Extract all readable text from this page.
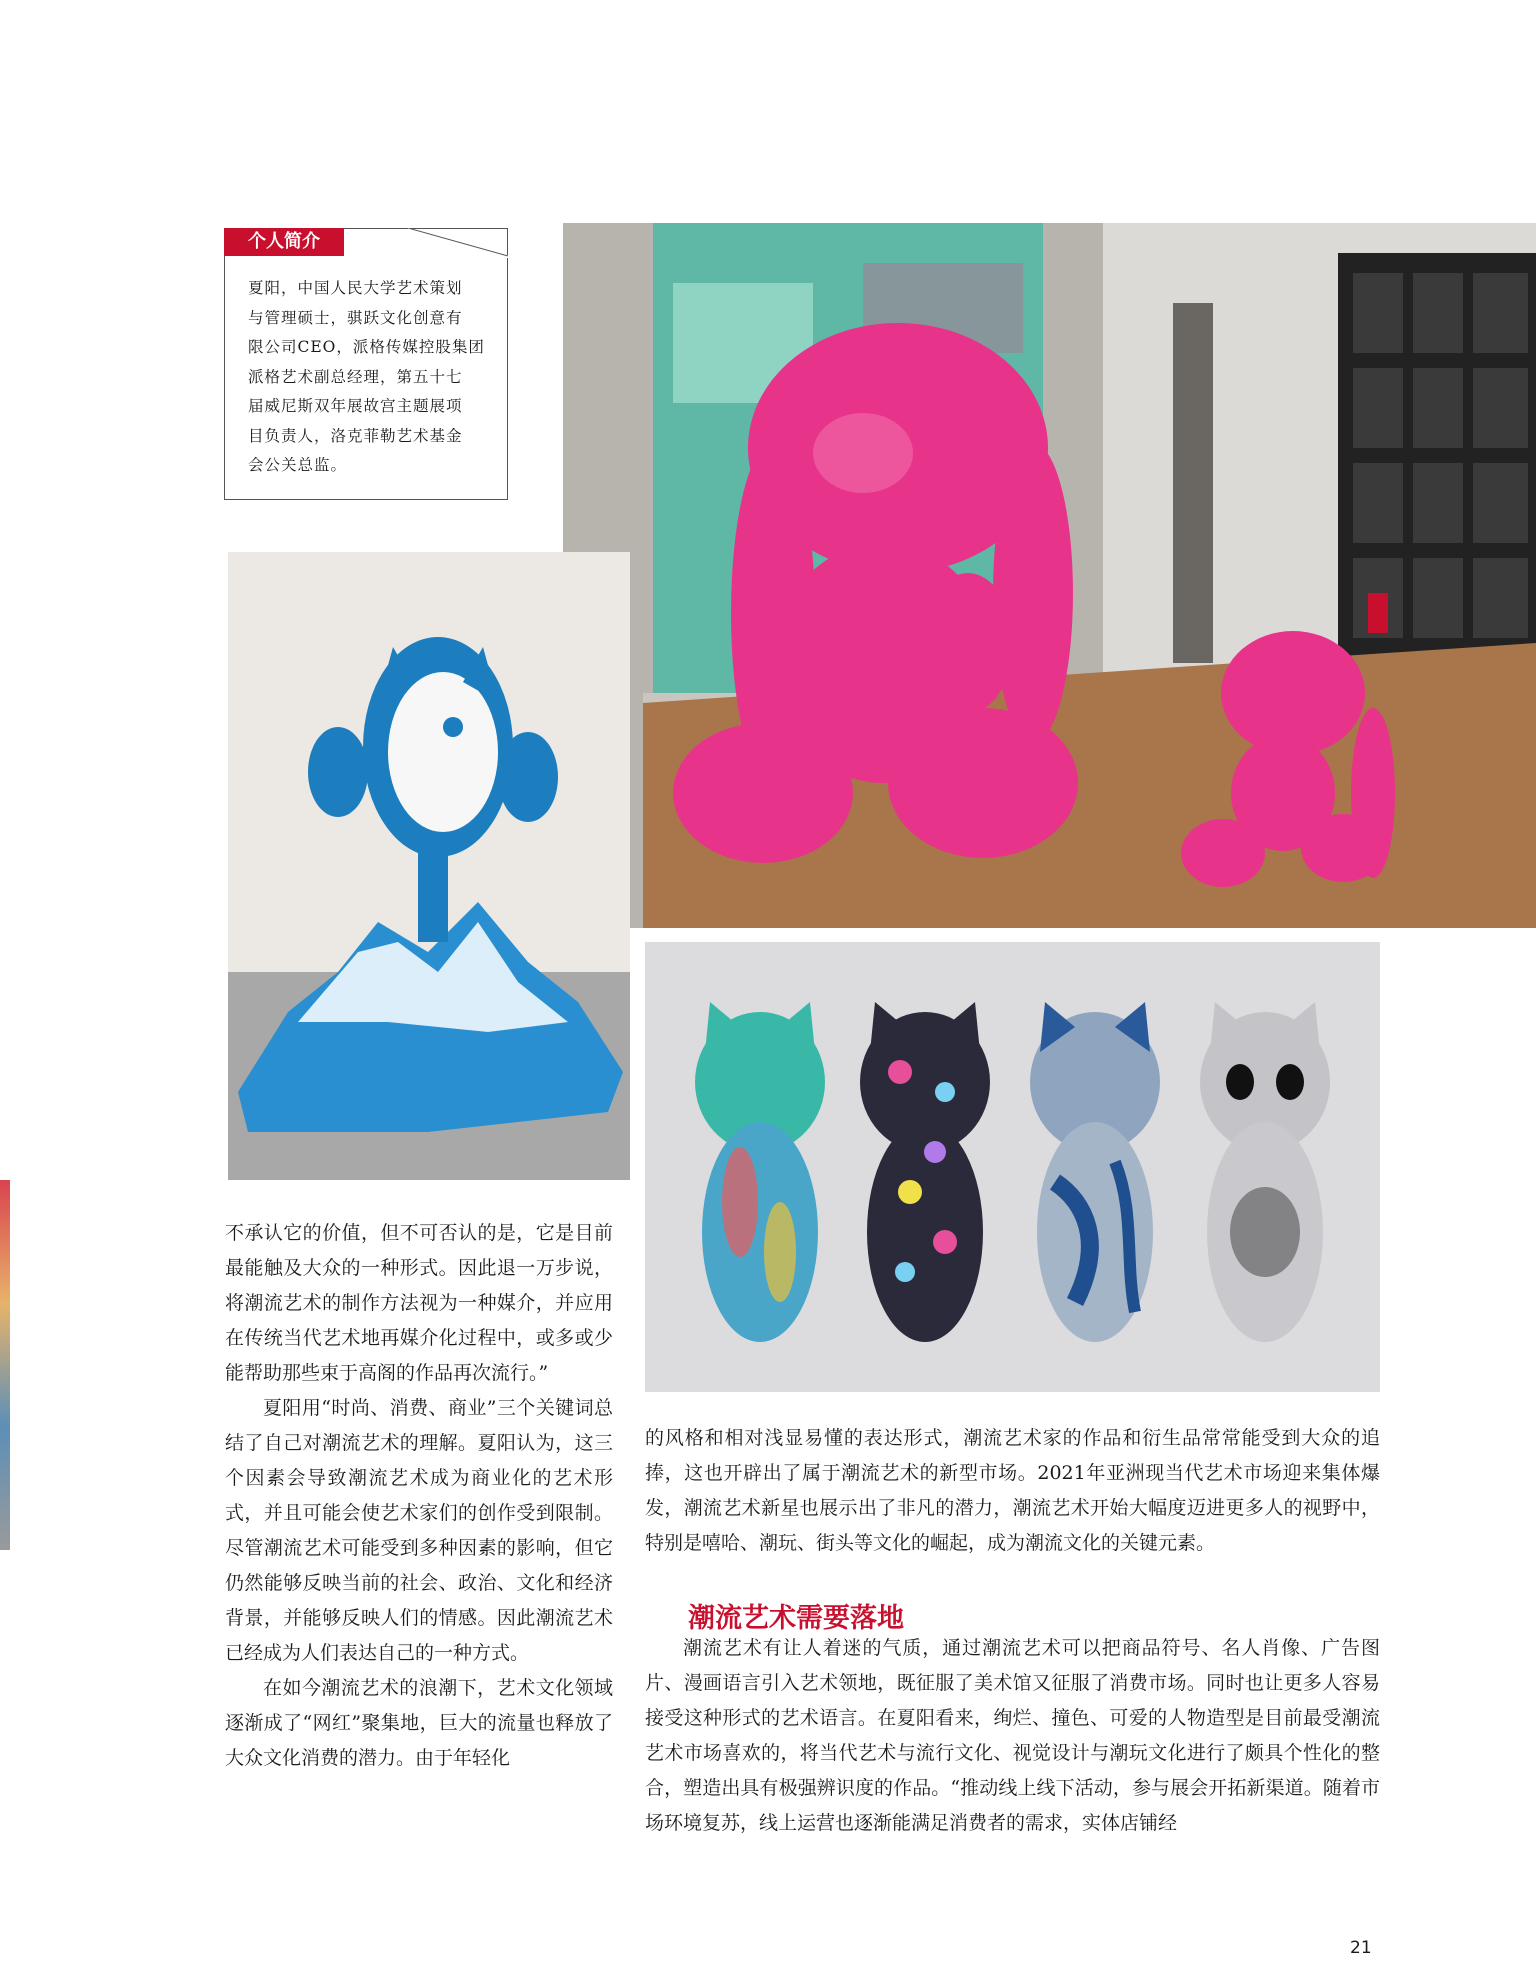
个人简介
夏阳，中国人民大学艺术策划
与管理硕士，骐跃文化创意有
限公司CEO，派格传媒控股集团
派格艺术副总经理，第五十七
届威尼斯双年展故宫主题展项
目负责人，洛克菲勒艺术基金
会公关总监。

不承认它的价值，但不可否认的是，它是目前最能触及大众的一种形式。因此退一万步说，将潮流艺术的制作方法视为一种媒介，并应用在传统当代艺术地再媒介化过程中，或多或少能帮助那些束于高阁的作品再次流行。”

夏阳用“时尚、消费、商业”三个关键词总结了自己对潮流艺术的理解。夏阳认为，这三个因素会导致潮流艺术成为商业化的艺术形式，并且可能会使艺术家们的创作受到限制。尽管潮流艺术可能受到多种因素的影响，但它仍然能够反映当前的社会、政治、文化和经济背景，并能够反映人们的情感。因此潮流艺术已经成为人们表达自己的一种方式。

在如今潮流艺术的浪潮下，艺术文化领域逐渐成了“网红”聚集地，巨大的流量也释放了大众文化消费的潜力。由于年轻化

的风格和相对浅显易懂的表达形式，潮流艺术家的作品和衍生品常常能受到大众的追捧，这也开辟出了属于潮流艺术的新型市场。2021年亚洲现当代艺术市场迎来集体爆发，潮流艺术新星也展示出了非凡的潜力，潮流艺术开始大幅度迈进更多人的视野中，特别是嘻哈、潮玩、街头等文化的崛起，成为潮流文化的关键元素。

潮流艺术需要落地

潮流艺术有让人着迷的气质，通过潮流艺术可以把商品符号、名人肖像、广告图片、漫画语言引入艺术领地，既征服了美术馆又征服了消费市场。同时也让更多人容易接受这种形式的艺术语言。在夏阳看来，绚烂、撞色、可爱的人物造型是目前最受潮流艺术市场喜欢的，将当代艺术与流行文化、视觉设计与潮玩文化进行了颇具个性化的整合，塑造出具有极强辨识度的作品。“推动线上线下活动，参与展会开拓新渠道。随着市场环境复苏，线上运营也逐渐能满足消费者的需求，实体店铺经

21
